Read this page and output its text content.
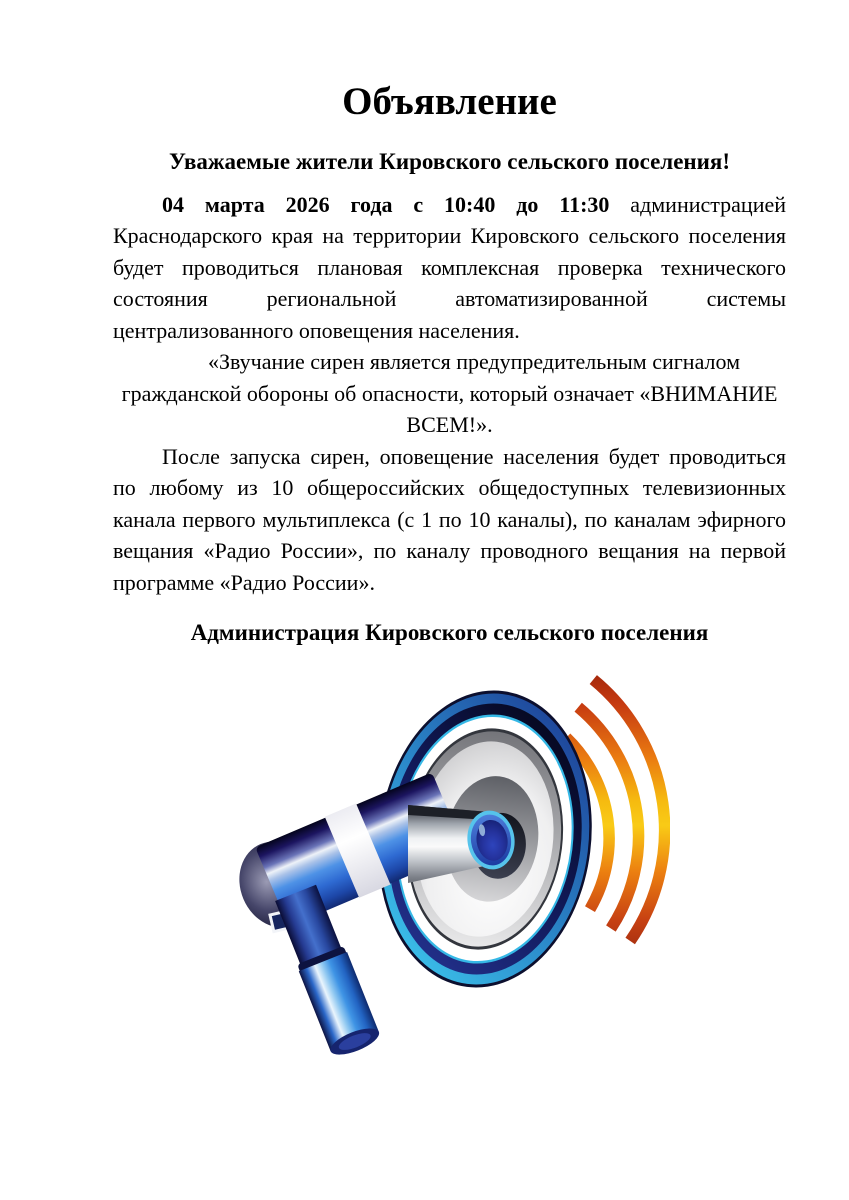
Объявление

Уважаемые жители Кировского сельского поселения!

04 марта 2026 года с 10:40 до 11:30 администрацией Краснодарского края на территории Кировского сельского поселения будет проводиться плановая комплексная проверка технического состояния региональной автоматизированной системы централизованного оповещения населения.

«Звучание сирен является предупредительным сигналом гражданской обороны об опасности, который означает «ВНИМАНИЕ ВСЕМ!».

После запуска сирен, оповещение населения будет проводиться по любому из 10 общероссийских общедоступных телевизионных канала первого мультиплекса (с 1 по 10 каналы), по каналам эфирного вещания «Радио России», по каналу проводного вещания на первой программе «Радио России».

Администрация Кировского сельского поселения
